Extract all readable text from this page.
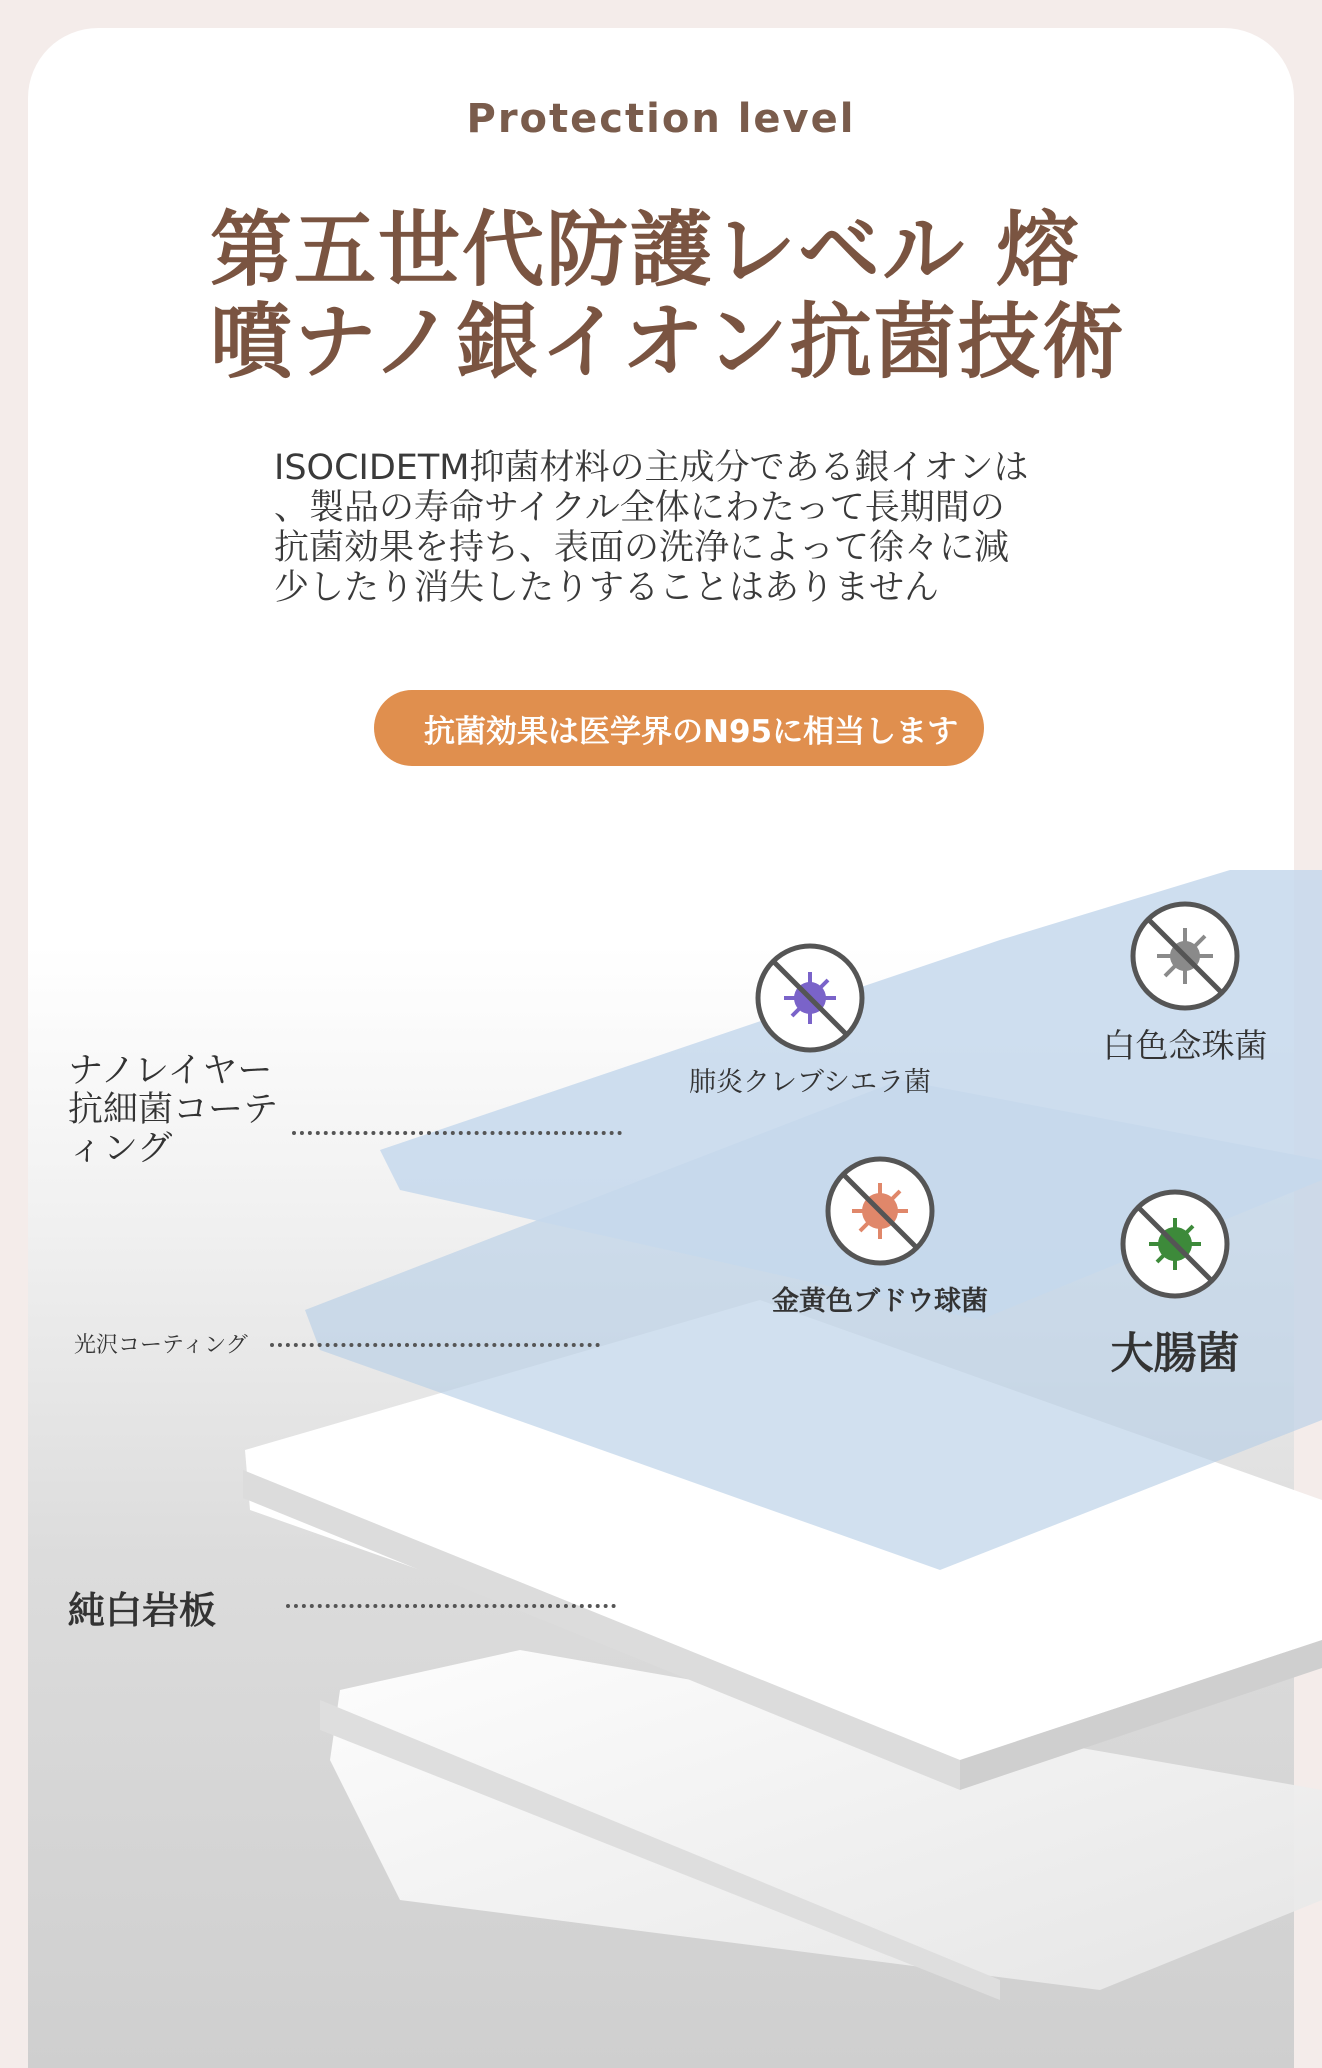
Protection level
第五世代防護レベル 熔
噴ナノ銀イオン抗菌技術
ISOCIDETM抑菌材料の主成分である銀イオンは
、製品の寿命サイクル全体にわたって長期間の
抗菌効果を持ち、表面の洗浄によって徐々に減
少したり消失したりすることはありません
抗菌効果は医学界のN95に相当します
ナノレイヤー
抗細菌コーテ
ィング
光沢コーティング
純白岩板
肺炎クレブシエラ菌
白色念珠菌
金黄色ブドウ球菌
大腸菌
